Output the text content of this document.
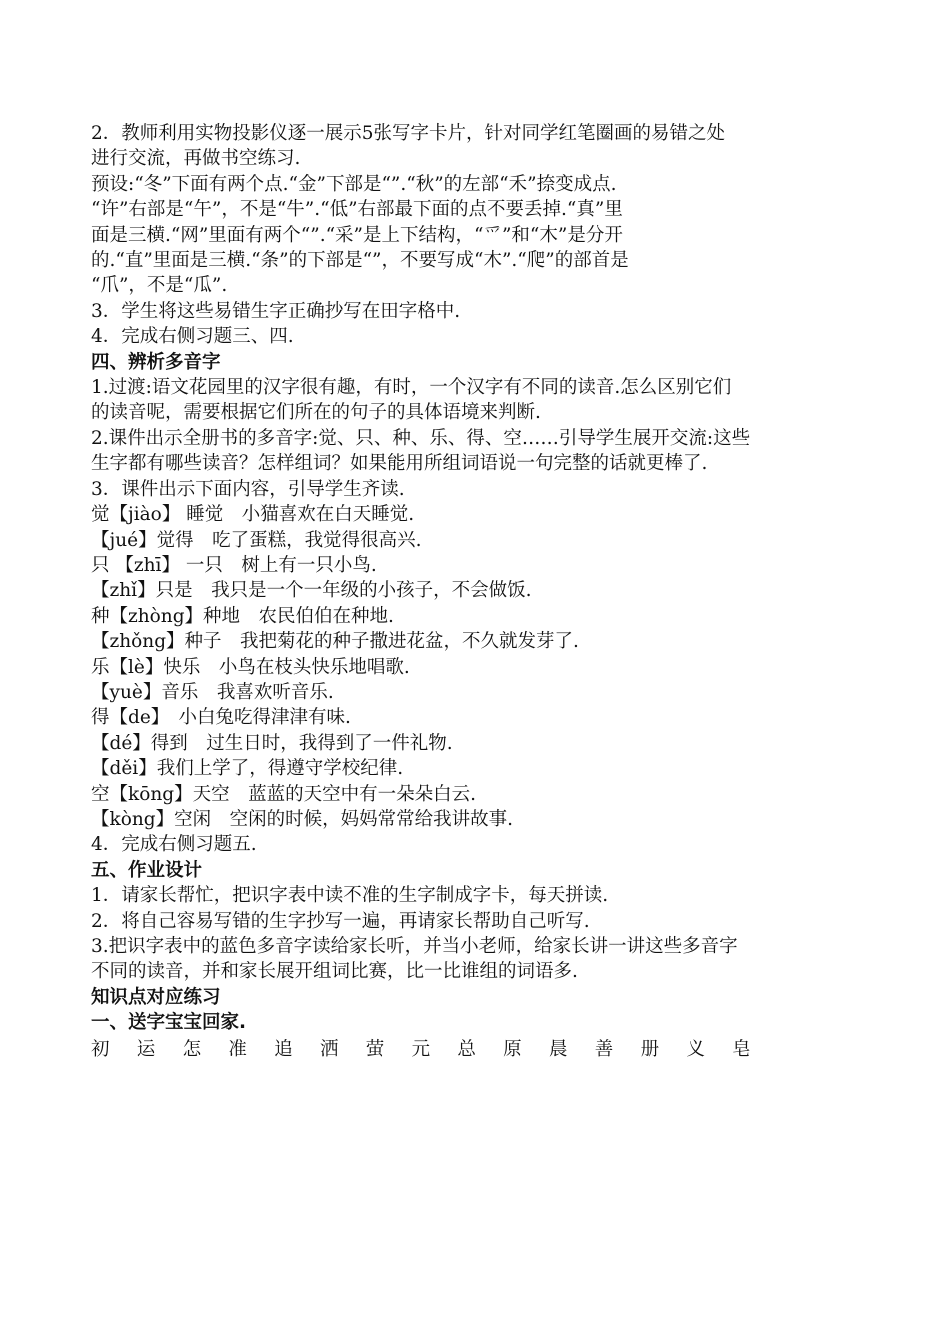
2．教师利用实物投影仪逐一展示5张写字卡片，针对同学红笔圈画的易错之处
进行交流，再做书空练习.
预设:“冬”下面有两个点.“金”下部是“”.“秋”的左部“禾”捺变成点.
“许”右部是“午”，不是“牛”.“低”右部最下面的点不要丢掉.“真”里
面是三横.“网”里面有两个“”.“采”是上下结构，“爫”和“木”是分开
的.“直”里面是三横.“条”的下部是“”，不要写成“木”.“爬”的部首是
“爪”，不是“瓜”.
3．学生将这些易错生字正确抄写在田字格中.
4．完成右侧习题三、四.
四、辨析多音字
1.过渡:语文花园里的汉字很有趣，有时，一个汉字有不同的读音.怎么区别它们
的读音呢，需要根据它们所在的句子的具体语境来判断.
2.课件出示全册书的多音字:觉、只、种、乐、得、空……引导学生展开交流:这些
生字都有哪些读音？怎样组词？如果能用所组词语说一句完整的话就更棒了.
3．课件出示下面内容，引导学生齐读.
觉【jiào】 睡觉　小猫喜欢在白天睡觉.
【jué】觉得　吃了蛋糕，我觉得很高兴.
只 【zhī】 一只　树上有一只小鸟.
【zhǐ】只是　我只是一个一年级的小孩子，不会做饭.
种【zhòng】种地　农民伯伯在种地.
【zhǒng】种子　我把菊花的种子撒进花盆，不久就发芽了.
乐【lè】快乐　小鸟在枝头快乐地唱歌.
【yuè】音乐　我喜欢听音乐.
得【de】　小白兔吃得津津有味.
【dé】得到　过生日时，我得到了一件礼物.
【děi】我们上学了，得遵守学校纪律.
空【kōng】天空　蓝蓝的天空中有一朵朵白云.
【kòng】空闲　空闲的时候，妈妈常常给我讲故事.
4．完成右侧习题五.
五、作业设计
1．请家长帮忙，把识字表中读不准的生字制成字卡，每天拼读.
2．将自己容易写错的生字抄写一遍，再请家长帮助自己听写.
3.把识字表中的蓝色多音字读给家长听，并当小老师，给家长讲一讲这些多音字
不同的读音，并和家长展开组词比赛，比一比谁组的词语多.
知识点对应练习
一、送字宝宝回家.
初	运	怎	准	追	洒	萤	元	总	原	晨	善	册	义	皂
